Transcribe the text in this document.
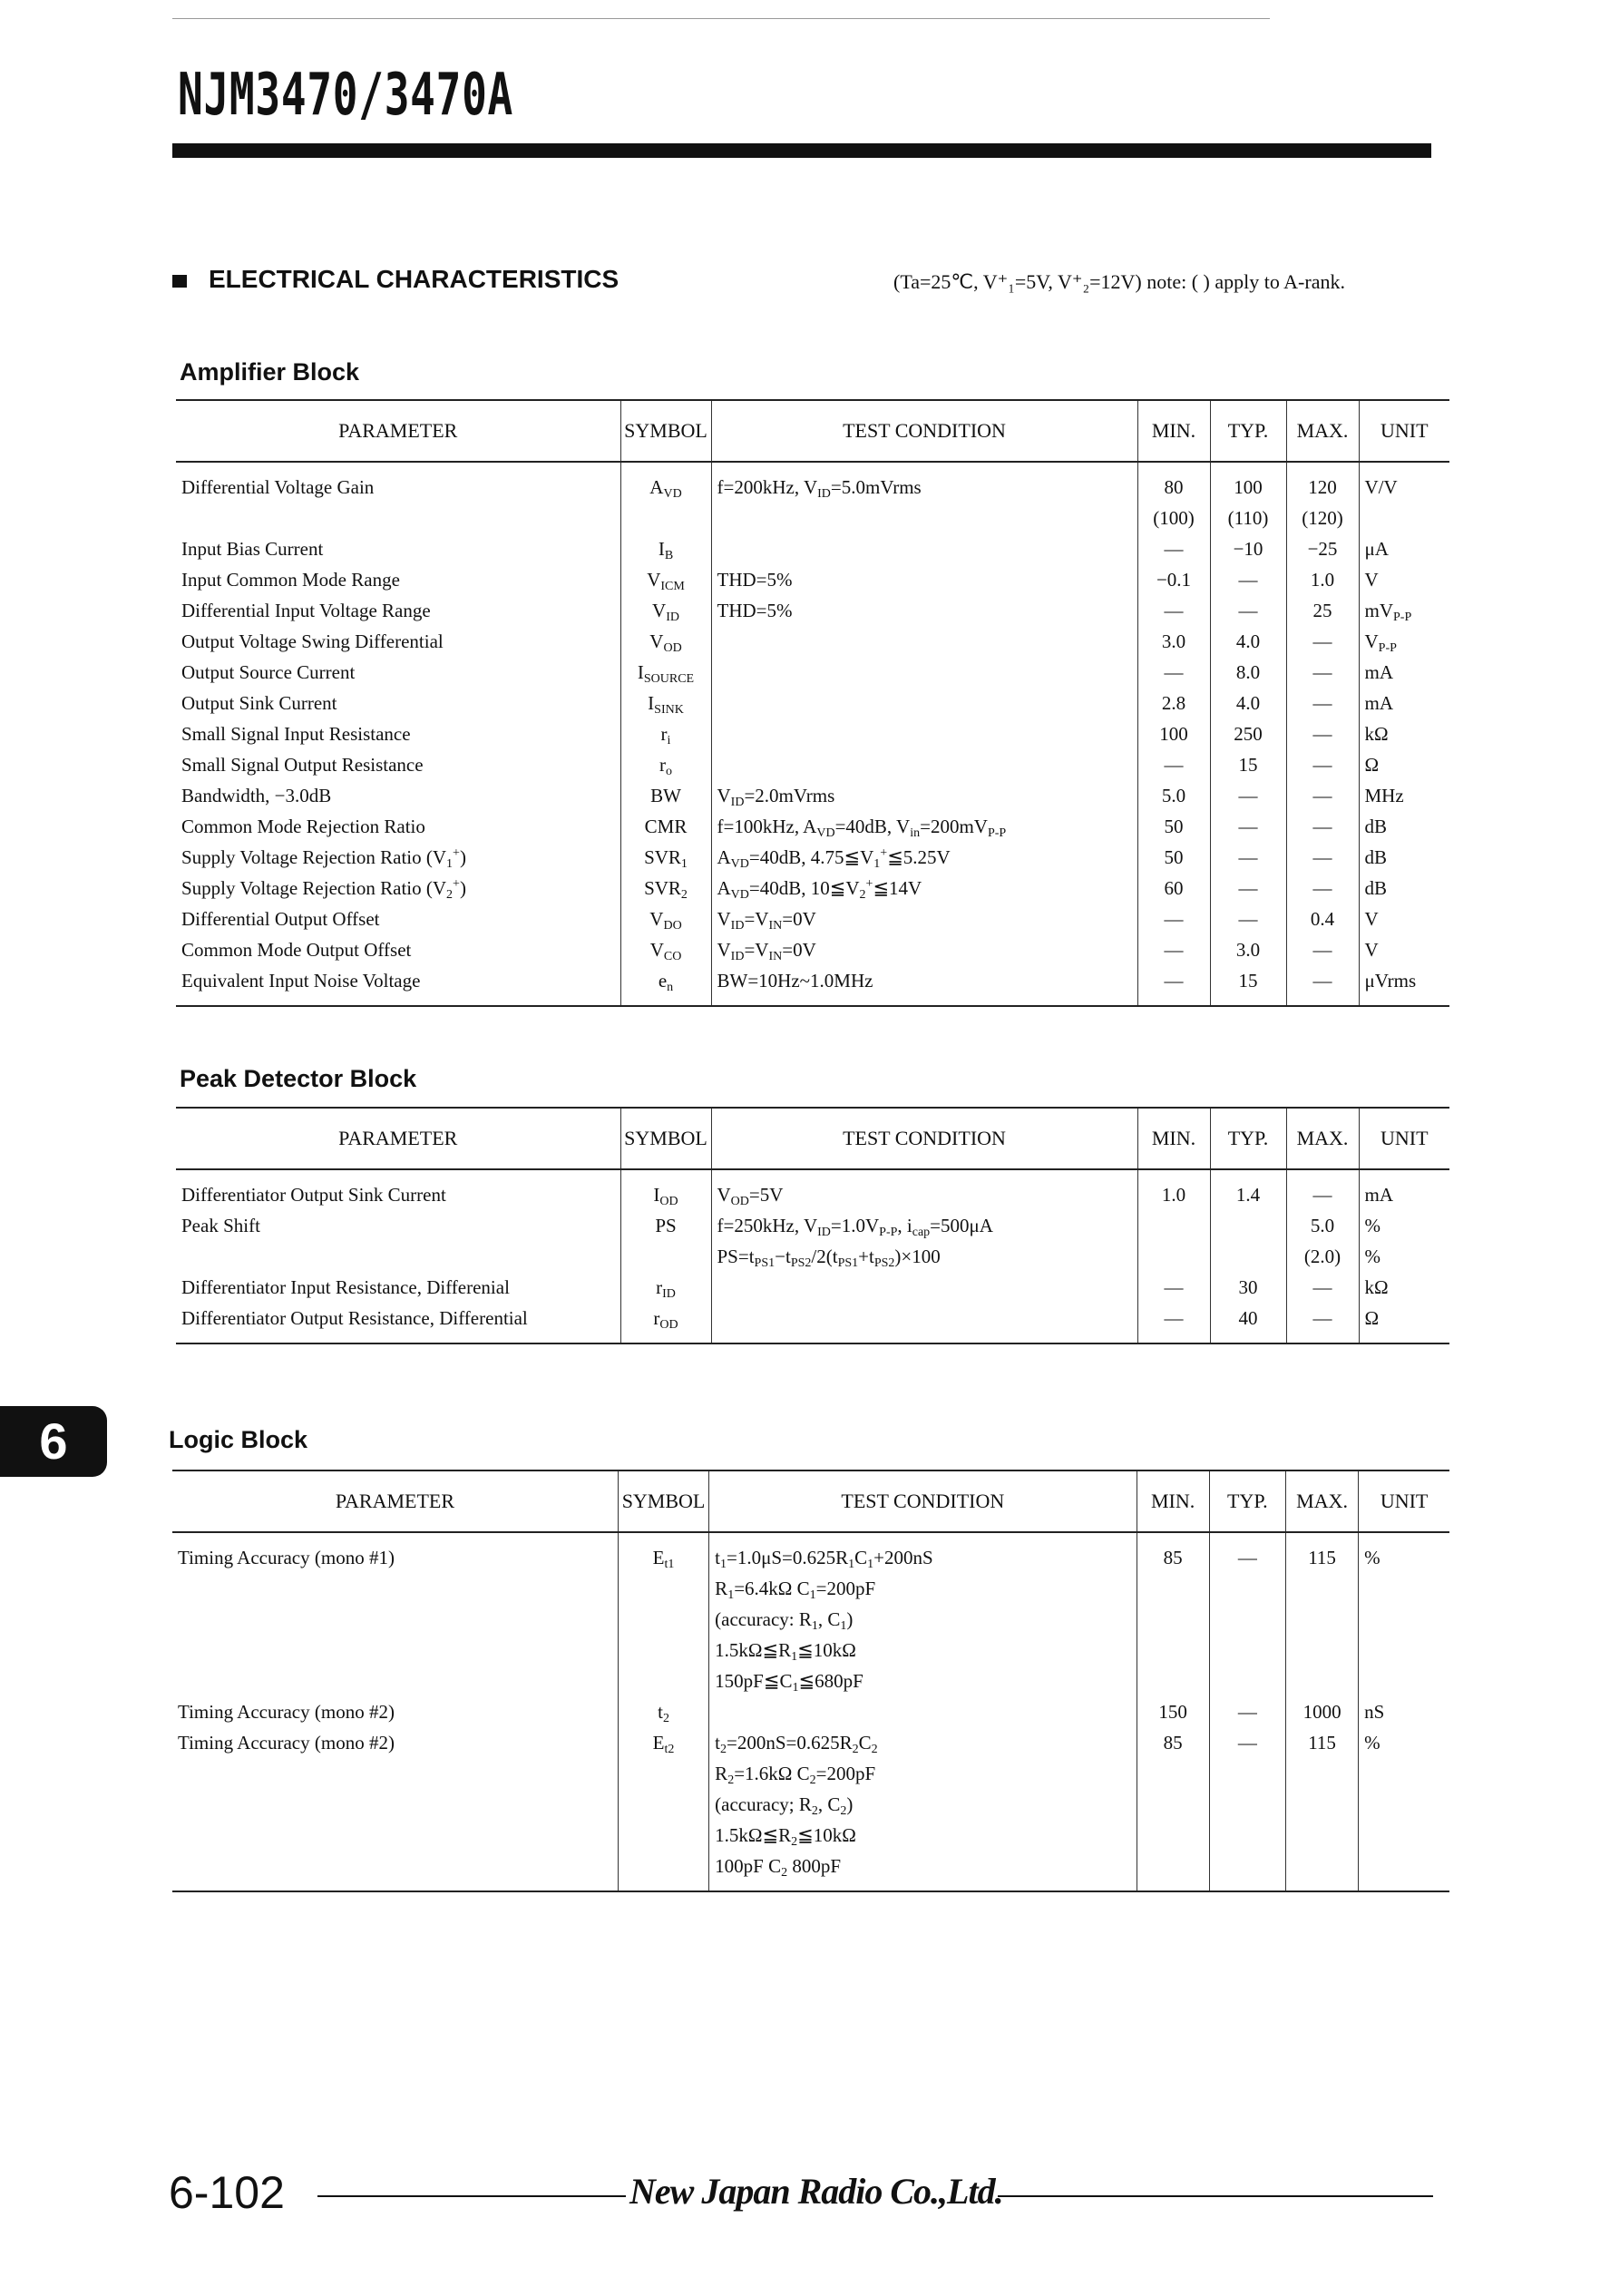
NJM3470/3470A
ELECTRICAL CHARACTERISTICS	(Ta=25℃, V⁺₁=5V, V⁺₂=12V) note: ( ) apply to A-rank.
Amplifier Block
PARAMETER	SYMBOL	TEST CONDITION	MIN.	TYP.	MAX.	UNIT
Differential Voltage Gain	$A_{VD}$	f=200kHz, $V_{ID}=5.0mVrms$	80	100	120	V/V
			(100)	(110)	(120)	
Input Bias Current	$I_B$		—	−10	−25	μA
Input Common Mode Range	$V_{ICM}$	THD=5%	−0.1	—	1.0	V
Differential Input Voltage Range	$V_{ID}$	THD=5%	—	—	25	$mV_{P-P}$
Output Voltage Swing Differential	$V_{OD}$		3.0	4.0	—	$V_{P-P}$
Output Source Current	$I_{SOURCE}$		—	8.0	—	mA
Output Sink Current	$I_{SINK}$		2.8	4.0	—	mA
Small Signal Input Resistance	$r_i$		100	250	—	kΩ
Small Signal Output Resistance	$r_o$		—	15	—	Ω
Bandwidth, −3.0dB	BW	$V_{ID}=2.0mVrms$	5.0	—	—	MHz
Common Mode Rejection Ratio	CMR	f=100kHz, $A_{VD}=40dB$, $V_{in}=200mV_{P-P}$	50	—	—	dB
Supply Voltage Rejection Ratio $(V_1^+)$	$SVR_1$	$A_{VD}=40dB$, $4.75≦V_1^+≦5.25V$	50	—	—	dB
Supply Voltage Rejection Ratio $(V_2^+)$	$SVR_2$	$A_{VD}=40dB$, $10≦V_2^+≦14V$	60	—	—	dB
Differential Output Offset	$V_{DO}$	$V_{ID}=V_{IN}=0V$	—	—	0.4	V
Common Mode Output Offset	$V_{CO}$	$V_{ID}=V_{IN}=0V$	—	3.0	—	V
Equivalent Input Noise Voltage	$e_n$	BW=10Hz~1.0MHz	—	15	—	μVrms
Peak Detector Block
PARAMETER	SYMBOL	TEST CONDITION	MIN.	TYP.	MAX.	UNIT
Differentiator Output Sink Current	$I_{OD}$	$V_{OD}=5V$	1.0	1.4	—	mA
Peak Shift	PS	f=250kHz, $V_{ID}=1.0V_{P-P}$, $i_{cap}=500\mu A$			5.0	%
		$PS=t_{PS1}-t_{PS2}/2(t_{PS1}+t_{PS2})\times 100$			(2.0)	%
Differentiator Input Resistance, Differenial	$r_{ID}$		—	30	—	kΩ
Differentiator Output Resistance, Differential	$r_{OD}$		—	40	—	Ω
Logic Block
PARAMETER	SYMBOL	TEST CONDITION	MIN.	TYP.	MAX.	UNIT
Timing Accuracy (mono #1)	$E_{t1}$	$t_1=1.0\mu S=0.625R_1C_1+200nS$	85	—	115	%
		$R_1=6.4k\Omega$ $C_1=200pF$				
		(accuracy: $R_1$, $C_1$)				
		$1.5k\Omega≦R_1≦10k\Omega$				
		$150pF≦C_1≦680pF$				
Timing Accuracy (mono #2)	$t_2$		150	—	1000	nS
Timing Accuracy (mono #2)	$E_{t2}$	$t_2=200nS=0.625R_2C_2$	85	—	115	%
		$R_2=1.6k\Omega$ $C_2=200pF$				
		(accuracy; $R_2$, $C_2$)				
		$1.5k\Omega≦R_2≦10k\Omega$				
		100pF $C_2$ 800pF				
6
6-102	New Japan Radio Co.,Ltd.
